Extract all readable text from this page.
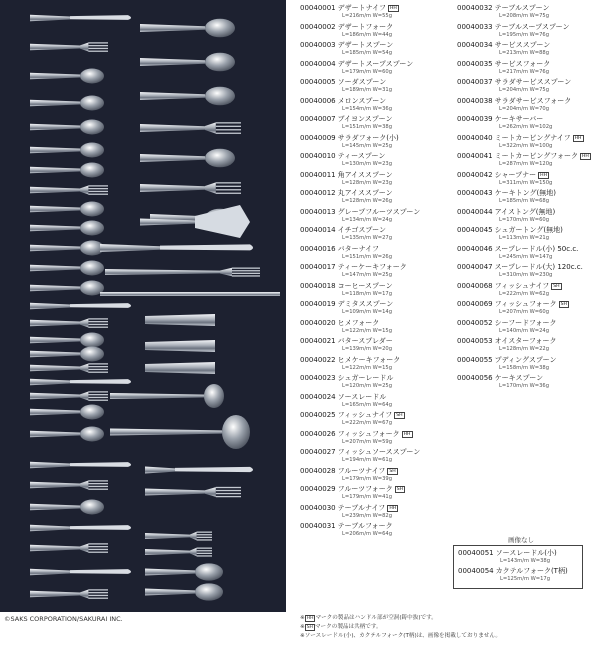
©SAKS CORPORATION/SAKURAI INC.
00040001 デザートナイフ HH
L=216m/m W=55g
00040002 デザートフォーク
L=186m/m W=44g
00040003 デザートスプーン
L=185m/m W=54g
00040004 デザートスープスプーン
L=179m/m W=60g
00040005 ソーダスプーン
L=189m/m W=31g
00040006 メロンスプーン
L=154m/m W=36g
00040007 ブイヨンスプーン
L=151m/m W=38g
00040009 サラダフォーク(小)
L=145m/m W=25g
00040010 ティースプーン
L=130m/m W=23g
00040011 角アイススプーン
L=128m/m W=23g
00040012 丸アイススプーン
L=128m/m W=26g
00040013 グレープフルーツスプーン
L=134m/m W=24g
00040014 イチゴスプーン
L=135m/m W=27g
00040016 バターナイフ
L=151m/m W=26g
00040017 ティーケーキフォーク
L=147m/m W=25g
00040018 コーヒースプーン
L=118m/m W=17g
00040019 デミタススプーン
L=109m/m W=14g
00040020 ヒメフォーク
L=122m/m W=15g
00040021 バタースプレダー
L=139m/m W=20g
00040022 ヒメケーキフォーク
L=122m/m W=15g
00040023 シュガーレードル
L=120m/m W=25g
00040024 ソースレードル
L=165m/m W=64g
00040025 フィッシュナイフ SH
L=222m/m W=67g
00040026 フィッシュフォーク HH
L=207m/m W=59g
00040027 フィッシュソーススプーン
L=194m/m W=61g
00040028 フルーツナイフ SH
L=179m/m W=39g
00040029 フルーツフォーク SH
L=179m/m W=41g
00040030 テーブルナイフ HH
L=239m/m W=82g
00040031 テーブルフォーク
L=206m/m W=64g
00040032 テーブルスプーン
L=208m/m W=75g
00040033 テーブルスープスプーン
L=195m/m W=76g
00040034 サービススプーン
L=213m/m W=88g
00040035 サービスフォーク
L=217m/m W=76g
00040037 サラダサービススプーン
L=204m/m W=75g
00040038 サラダサービスフォーク
L=204m/m W=70g
00040039 ケーキサーバー
L=262m/m W=102g
00040040 ミートカービングナイフ HH
L=322m/m W=100g
00040041 ミートカービングフォーク HH
L=287m/m W=120g
00040042 シャープナー HH
L=311m/m W=150g
00040043 ケーキトング(無地)
L=185m/m W=68g
00040044 アイストング(無地)
L=170m/m W=60g
00040045 シュガートング(無地)
L=113m/m W=21g
00040046 スープレードル(小) 50c.c.
L=245m/m W=147g
00040047 スープレードル(大) 120c.c.
L=310m/m W=230g
00040068 フィッシュナイフ SH
L=222m/m W=62g
00040069 フィッシュフォーク SH
L=207m/m W=60g
00040052 シーフードフォーク
L=140m/m W=24g
00040053 オイスターフォーク
L=128m/m W=22g
00040055 プディングスプーン
L=158m/m W=38g
00040056 ケーキスプーン
L=170m/m W=36g
画像なし
00040051 ソースレードル(小)
L=143m/m W=38g
00040054 カクテルフォーク(T柄)
L=125m/m W=17g
※ HH マークの製品はハンドル部が空洞(鋳中抜)です。
※ SH マークの製品は共柄です。
※ソースレードル(小)、カクテルフォーク(T柄)は、画像を掲載しておりません。
